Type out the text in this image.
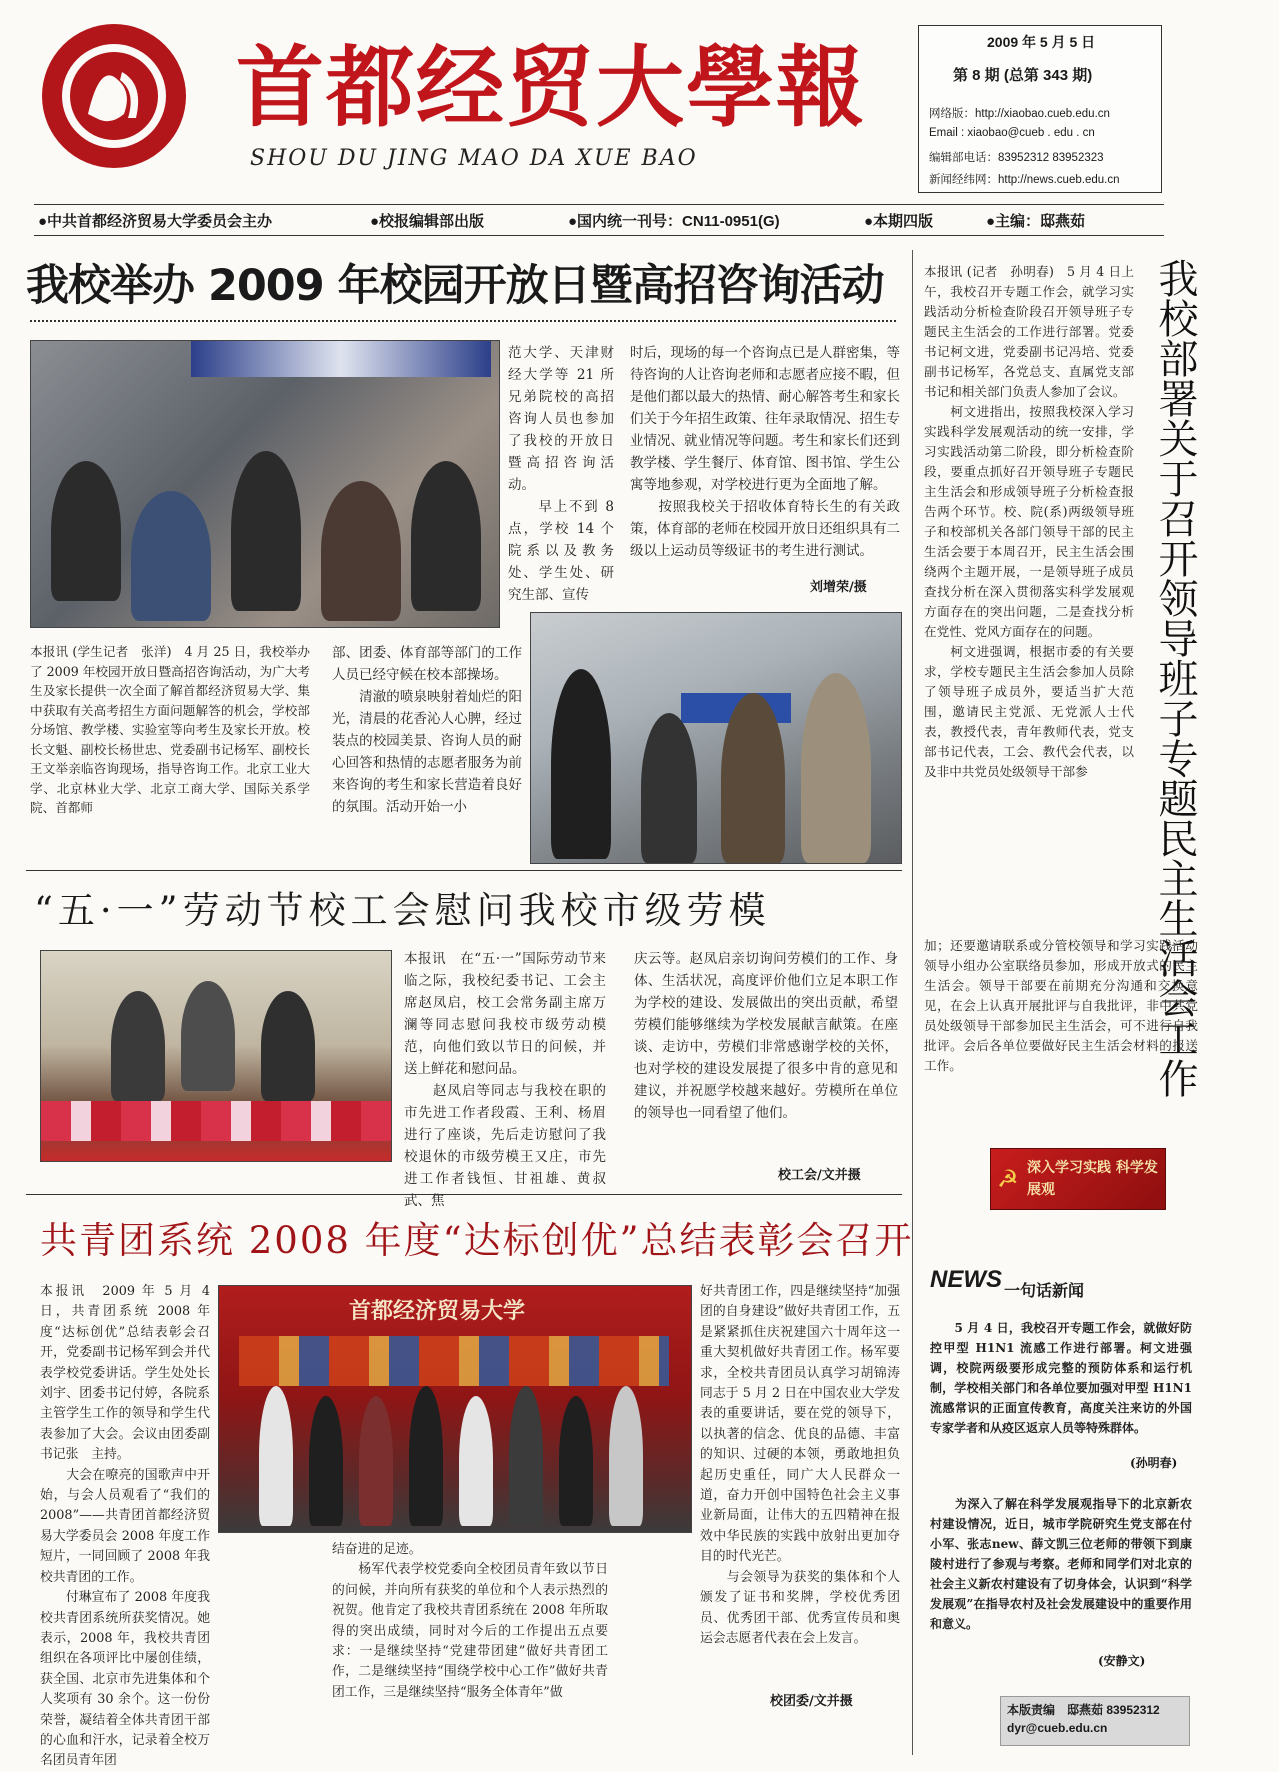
首都经贸大學報
SHOU DU JING MAO DA XUE BAO
2009 年 5 月 5 日
第 8 期 (总第 343 期)
网络版：http://xiaobao.cueb.edu.cn
Email : xiaobao@cueb . edu . cn
编辑部电话：83952312 83952323
新闻经纬网：http://news.cueb.edu.cn
●中共首都经济贸易大学委员会主办	●校报编辑部出版	●国内统一刊号：CN11-0951(G)	●本期四版	●主编：邸燕茹
我校举办 2009 年校园开放日暨高招咨询活动
范大学、天津财经大学等 21 所兄弟院校的高招咨询人员也参加了我校的开放日暨高招咨询活动。
　　早上不到 8 点，学校 14 个院系以及教务处、学生处、研究生部、宣传
时后，现场的每一个咨询点已是人群密集，等待咨询的人让咨询老师和志愿者应接不暇，但是他们都以最大的热情、耐心解答考生和家长们关于今年招生政策、往年录取情况、招生专业情况、就业情况等问题。考生和家长们还到教学楼、学生餐厅、体育馆、图书馆、学生公寓等地参观，对学校进行更为全面地了解。
　　按照我校关于招收体育特长生的有关政策，体育部的老师在校园开放日还组织具有二级以上运动员等级证书的考生进行测试。
刘增荣/摄
本报讯 (学生记者　张洋)　4 月 25 日，我校举办了 2009 年校园开放日暨高招咨询活动，为广大考生及家长提供一次全面了解首都经济贸易大学、集中获取有关高考招生方面问题解答的机会，学校部分场馆、教学楼、实验室等向考生及家长开放。校长文魁、副校长杨世忠、党委副书记杨军、副校长王文举亲临咨询现场，指导咨询工作。北京工业大学、北京林业大学、北京工商大学、国际关系学院、首都师
部、团委、体育部等部门的工作人员已经守候在校本部操场。
　　清澈的喷泉映射着灿烂的阳光，清晨的花香沁人心脾，经过装点的校园美景、咨询人员的耐心回答和热情的志愿者服务为前来咨询的考生和家长营造着良好的氛围。活动开始一小
“五·一”劳动节校工会慰问我校市级劳模
本报讯　在“五·一”国际劳动节来临之际，我校纪委书记、工会主席赵凤启，校工会常务副主席万澜等同志慰问我校市级劳动模范，向他们致以节日的问候，并送上鲜花和慰问品。
　　赵凤启等同志与我校在职的市先进工作者段霞、王利、杨眉进行了座谈，先后走访慰问了我校退休的市级劳模王又庄，市先进工作者钱恒、甘祖雄、黄叔武、焦
庆云等。赵凤启亲切询问劳模们的工作、身体、生活状况，高度评价他们立足本职工作为学校的建设、发展做出的突出贡献，希望劳模们能够继续为学校发展献言献策。在座谈、走访中，劳模们非常感谢学校的关怀，也对学校的建设发展提了很多中肯的意见和建议，并祝愿学校越来越好。劳模所在单位的领导也一同看望了他们。
校工会/文并摄
共青团系统 2008 年度“达标创优”总结表彰会召开
本报讯　2009 年 5 月 4 日，共青团系统 2008 年度“达标创优”总结表彰会召开，党委副书记杨军到会并代表学校党委讲话。学生处处长刘宇、团委书记付婷，各院系主管学生工作的领导和学生代表参加了大会。会议由团委副书记张　主持。
　　大会在嘹亮的国歌声中开始，与会人员观看了“我们的 2008”——共青团首都经济贸易大学委员会 2008 年度工作短片，一同回顾了 2008 年我校共青团的工作。
　　付琳宣布了 2008 年度我校共青团系统所获奖情况。她表示，2008 年，我校共青团组织在各项评比中屡创佳绩，获全国、北京市先进集体和个人奖项有 30 余个。这一份份荣誉，凝结着全体共青团干部的心血和汗水，记录着全校万名团员青年团
首都经济贸易大学
好共青团工作，四是继续坚持“加强团的自身建设”做好共青团工作，五是紧紧抓住庆祝建国六十周年这一重大契机做好共青团工作。杨军要求，全校共青团员认真学习胡锦涛同志于 5 月 2 日在中国农业大学发表的重要讲话，要在党的领导下，以执著的信念、优良的品德、丰富的知识、过硬的本领，勇敢地担负起历史重任，同广大人民群众一道，奋力开创中国特色社会主义事业新局面，让伟大的五四精神在报效中华民族的实践中放射出更加夺目的时代光芒。
　　与会领导为获奖的集体和个人颁发了证书和奖牌，学校优秀团员、优秀团干部、优秀宣传员和奥运会志愿者代表在会上发言。
结奋进的足迹。
　　杨军代表学校党委向全校团员青年致以节日的问候，并向所有获奖的单位和个人表示热烈的祝贺。他肯定了我校共青团系统在 2008 年所取得的突出成绩，同时对今后的工作提出五点要求：一是继续坚持“党建带团建”做好共青团工作，二是继续坚持“围绕学校中心工作”做好共青团工作，三是继续坚持“服务全体青年”做
校团委/文并摄
本报讯 (记者　孙明春)　5 月 4 日上午，我校召开专题工作会，就学习实践活动分析检查阶段召开领导班子专题民主生活会的工作进行部署。党委书记柯文进，党委副书记冯培、党委副书记杨军，各党总支、直属党支部书记和相关部门负责人参加了会议。
　　柯文进指出，按照我校深入学习实践科学发展观活动的统一安排，学习实践活动第二阶段，即分析检查阶段，要重点抓好召开领导班子专题民主生活会和形成领导班子分析检查报告两个环节。校、院(系)两级领导班子和校部机关各部门领导干部的民主生活会要于本周召开，民主生活会围绕两个主题开展，一是领导班子成员查找分析在深入贯彻落实科学发展观方面存在的突出问题，二是查找分析在党性、党风方面存在的问题。
　　柯文进强调，根据市委的有关要求，学校专题民主生活会参加人员除了领导班子成员外，要适当扩大范围，邀请民主党派、无党派人士代表，教授代表，青年教师代表，党支部书记代表，工会、教代会代表，以及非中共党员处级领导干部参	我校部署关于召开领导班子专题民主生活会工作
加；还要邀请联系或分管校领导和学习实践活动领导小组办公室联络员参加，形成开放式的民主生活会。领导干部要在前期充分沟通和交换意见，在会上认真开展批评与自我批评，非中共党员处级领导干部参加民主生活会，可不进行自我批评。会后各单位要做好民主生活会材料的报送工作。
☭ 深入学习实践 科学发展观
NEWS 一句话新闻
　　5 月 4 日，我校召开专题工作会，就做好防控甲型 H1N1 流感工作进行部署。柯文进强调，校院两级要形成完整的预防体系和运行机制，学校相关部门和各单位要加强对甲型 H1N1 流感常识的正面宣传教育，高度关注来访的外国专家学者和从疫区返京人员等特殊群体。
(孙明春)
　　为深入了解在科学发展观指导下的北京新农村建设情况，近日，城市学院研究生党支部在付小军、张志new、薛文凯三位老师的带领下到康陵村进行了参观与考察。老师和同学们对北京的社会主义新农村建设有了切身体会，认识到“科学发展观”在指导农村及社会发展建设中的重要作用和意义。
(安静文)
本版责编　邸燕茹 83952312
dyr@cueb.edu.cn
